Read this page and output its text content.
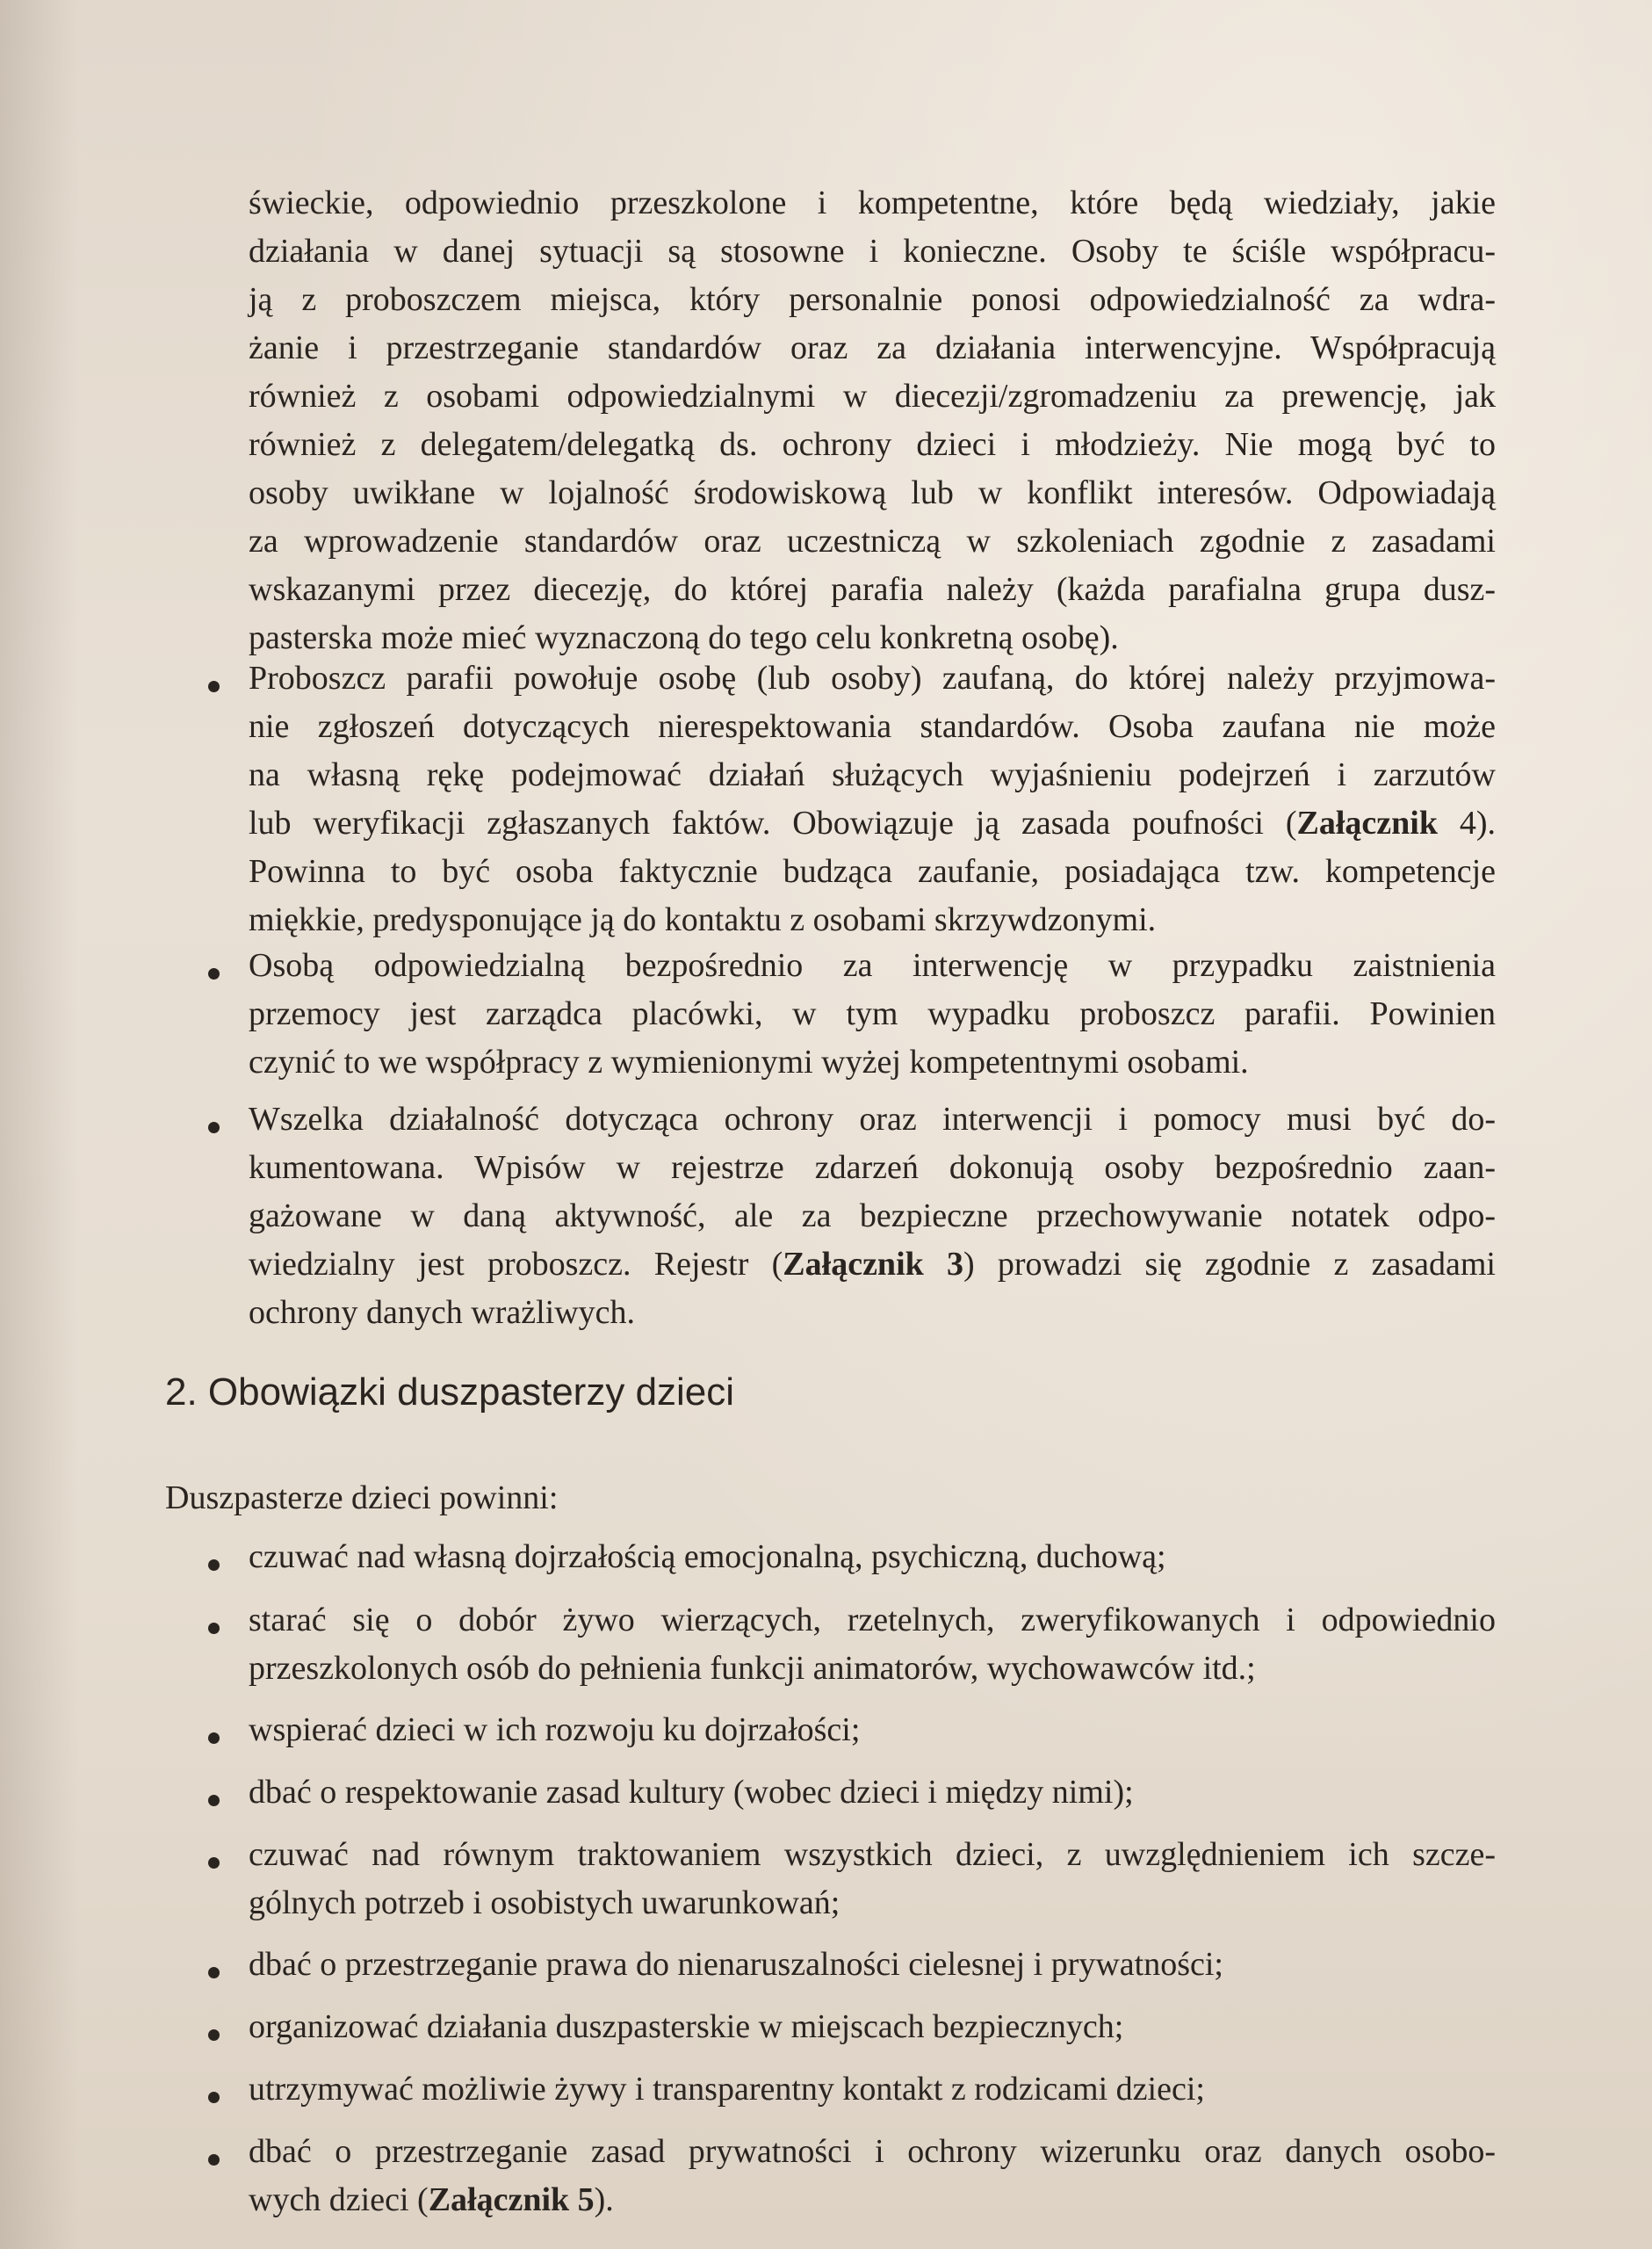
świeckie, odpowiednio przeszkolone i kompetentne, które będą wiedziały, jakie
działania w danej sytuacji są stosowne i konieczne. Osoby te ściśle współpracu-
ją z proboszczem miejsca, który personalnie ponosi odpowiedzialność za wdra-
żanie i przestrzeganie standardów oraz za działania interwencyjne. Współpracują
również z osobami odpowiedzialnymi w diecezji/zgromadzeniu za prewencję, jak
również z delegatem/delegatką ds. ochrony dzieci i młodzieży. Nie mogą być to
osoby uwikłane w lojalność środowiskową lub w konflikt interesów. Odpowiadają
za wprowadzenie standardów oraz uczestniczą w szkoleniach zgodnie z zasadami
wskazanymi przez diecezję, do której parafia należy (każda parafialna grupa dusz-
pasterska może mieć wyznaczoną do tego celu konkretną osobę).

Proboszcz parafii powołuje osobę (lub osoby) zaufaną, do której należy przyjmowa-
nie zgłoszeń dotyczących nierespektowania standardów. Osoba zaufana nie może
na własną rękę podejmować działań służących wyjaśnieniu podejrzeń i zarzutów
lub weryfikacji zgłaszanych faktów. Obowiązuje ją zasada poufności (Załącznik 4).
Powinna to być osoba faktycznie budząca zaufanie, posiadająca tzw. kompetencje
miękkie, predysponujące ją do kontaktu z osobami skrzywdzonymi.

Osobą odpowiedzialną bezpośrednio za interwencję w przypadku zaistnienia
przemocy jest zarządca placówki, w tym wypadku proboszcz parafii. Powinien
czynić to we współpracy z wymienionymi wyżej kompetentnymi osobami.

Wszelka działalność dotycząca ochrony oraz interwencji i pomocy musi być do-
kumentowana. Wpisów w rejestrze zdarzeń dokonują osoby bezpośrednio zaan-
gażowane w daną aktywność, ale za bezpieczne przechowywanie notatek odpo-
wiedzialny jest proboszcz. Rejestr (Załącznik 3) prowadzi się zgodnie z zasadami
ochrony danych wrażliwych.

2. Obowiązki duszpasterzy dzieci

Duszpasterze dzieci powinni:

czuwać nad własną dojrzałością emocjonalną, psychiczną, duchową;

starać się o dobór żywo wierzących, rzetelnych, zweryfikowanych i odpowiednio
przeszkolonych osób do pełnienia funkcji animatorów, wychowawców itd.;

wspierać dzieci w ich rozwoju ku dojrzałości;

dbać o respektowanie zasad kultury (wobec dzieci i między nimi);

czuwać nad równym traktowaniem wszystkich dzieci, z uwzględnieniem ich szcze-
gólnych potrzeb i osobistych uwarunkowań;

dbać o przestrzeganie prawa do nienaruszalności cielesnej i prywatności;

organizować działania duszpasterskie w miejscach bezpiecznych;

utrzymywać możliwie żywy i transparentny kontakt z rodzicami dzieci;

dbać o przestrzeganie zasad prywatności i ochrony wizerunku oraz danych osobo-
wych dzieci (Załącznik 5).
